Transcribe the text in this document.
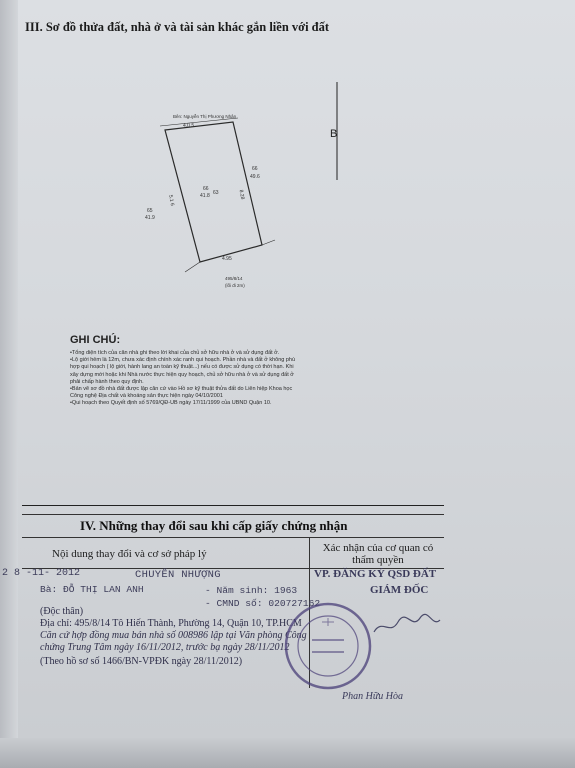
III. Sơ đồ thửa đất, nhà ở và tài sản khác gắn liền với đất
B
Bên: Nguyễn Thị Phương Nhân
4.0 5
5.1 6	8.28
4.95
66
41.8 63
65
41.9
66
49.6
495/8/14
(lối đi 2m)
GHI CHÚ:
•Tổng diện tích của căn nhà ghi theo lời khai của chủ sở hữu nhà ở và sử dụng đất ở.
•Lộ giới hẻm là 12m, chưa xác định chính xác ranh qui hoạch. Phần nhà và đất ở không phù
hợp qui hoạch ( lộ giới, hành lang an toàn kỹ thuật...) nếu có được sử dụng có thời hạn. Khi
xây dựng mới hoặc khi Nhà nước thực hiện quy hoạch, chủ sở hữu nhà ở và sử dụng đất ở
phải chấp hành theo quy định.
•Bản vẽ sơ đồ nhà đất được lập căn cứ vào Hồ sơ kỹ thuật thửa đất do Liên hiệp Khoa học
Công nghệ Địa chất và khoáng sản thực hiện ngày 04/10/2001
•Qui hoạch theo Quyết định số 5769/QĐ-UB ngày 17/11/1999 của UBND Quận 10.
IV. Những thay đổi sau khi cấp giấy chứng nhận
Nội dung thay đổi và cơ sở pháp lý	Xác nhận của cơ quan có thẩm quyền
2 8 -11- 2012	CHUYỂN NHƯỢNG	VP. ĐĂNG KÝ QSD ĐẤT
GIÁM ĐỐC
Bà: ĐỖ THỊ LAN ANH	- Năm sinh: 1963
- CMND số: 020727162
(Độc thân)
Địa chỉ: 495/8/14 Tô Hiến Thành, Phường 14, Quận 10, TP.HCM
Căn cứ hợp đồng mua bán nhà số 008986 lập tại Văn phòng Công
chứng Trung Tâm ngày 16/11/2012, trước bạ ngày 28/11/2012
(Theo hồ sơ số 1466/BN-VPĐK ngày 28/11/2012)
Phan Hữu Hòa
